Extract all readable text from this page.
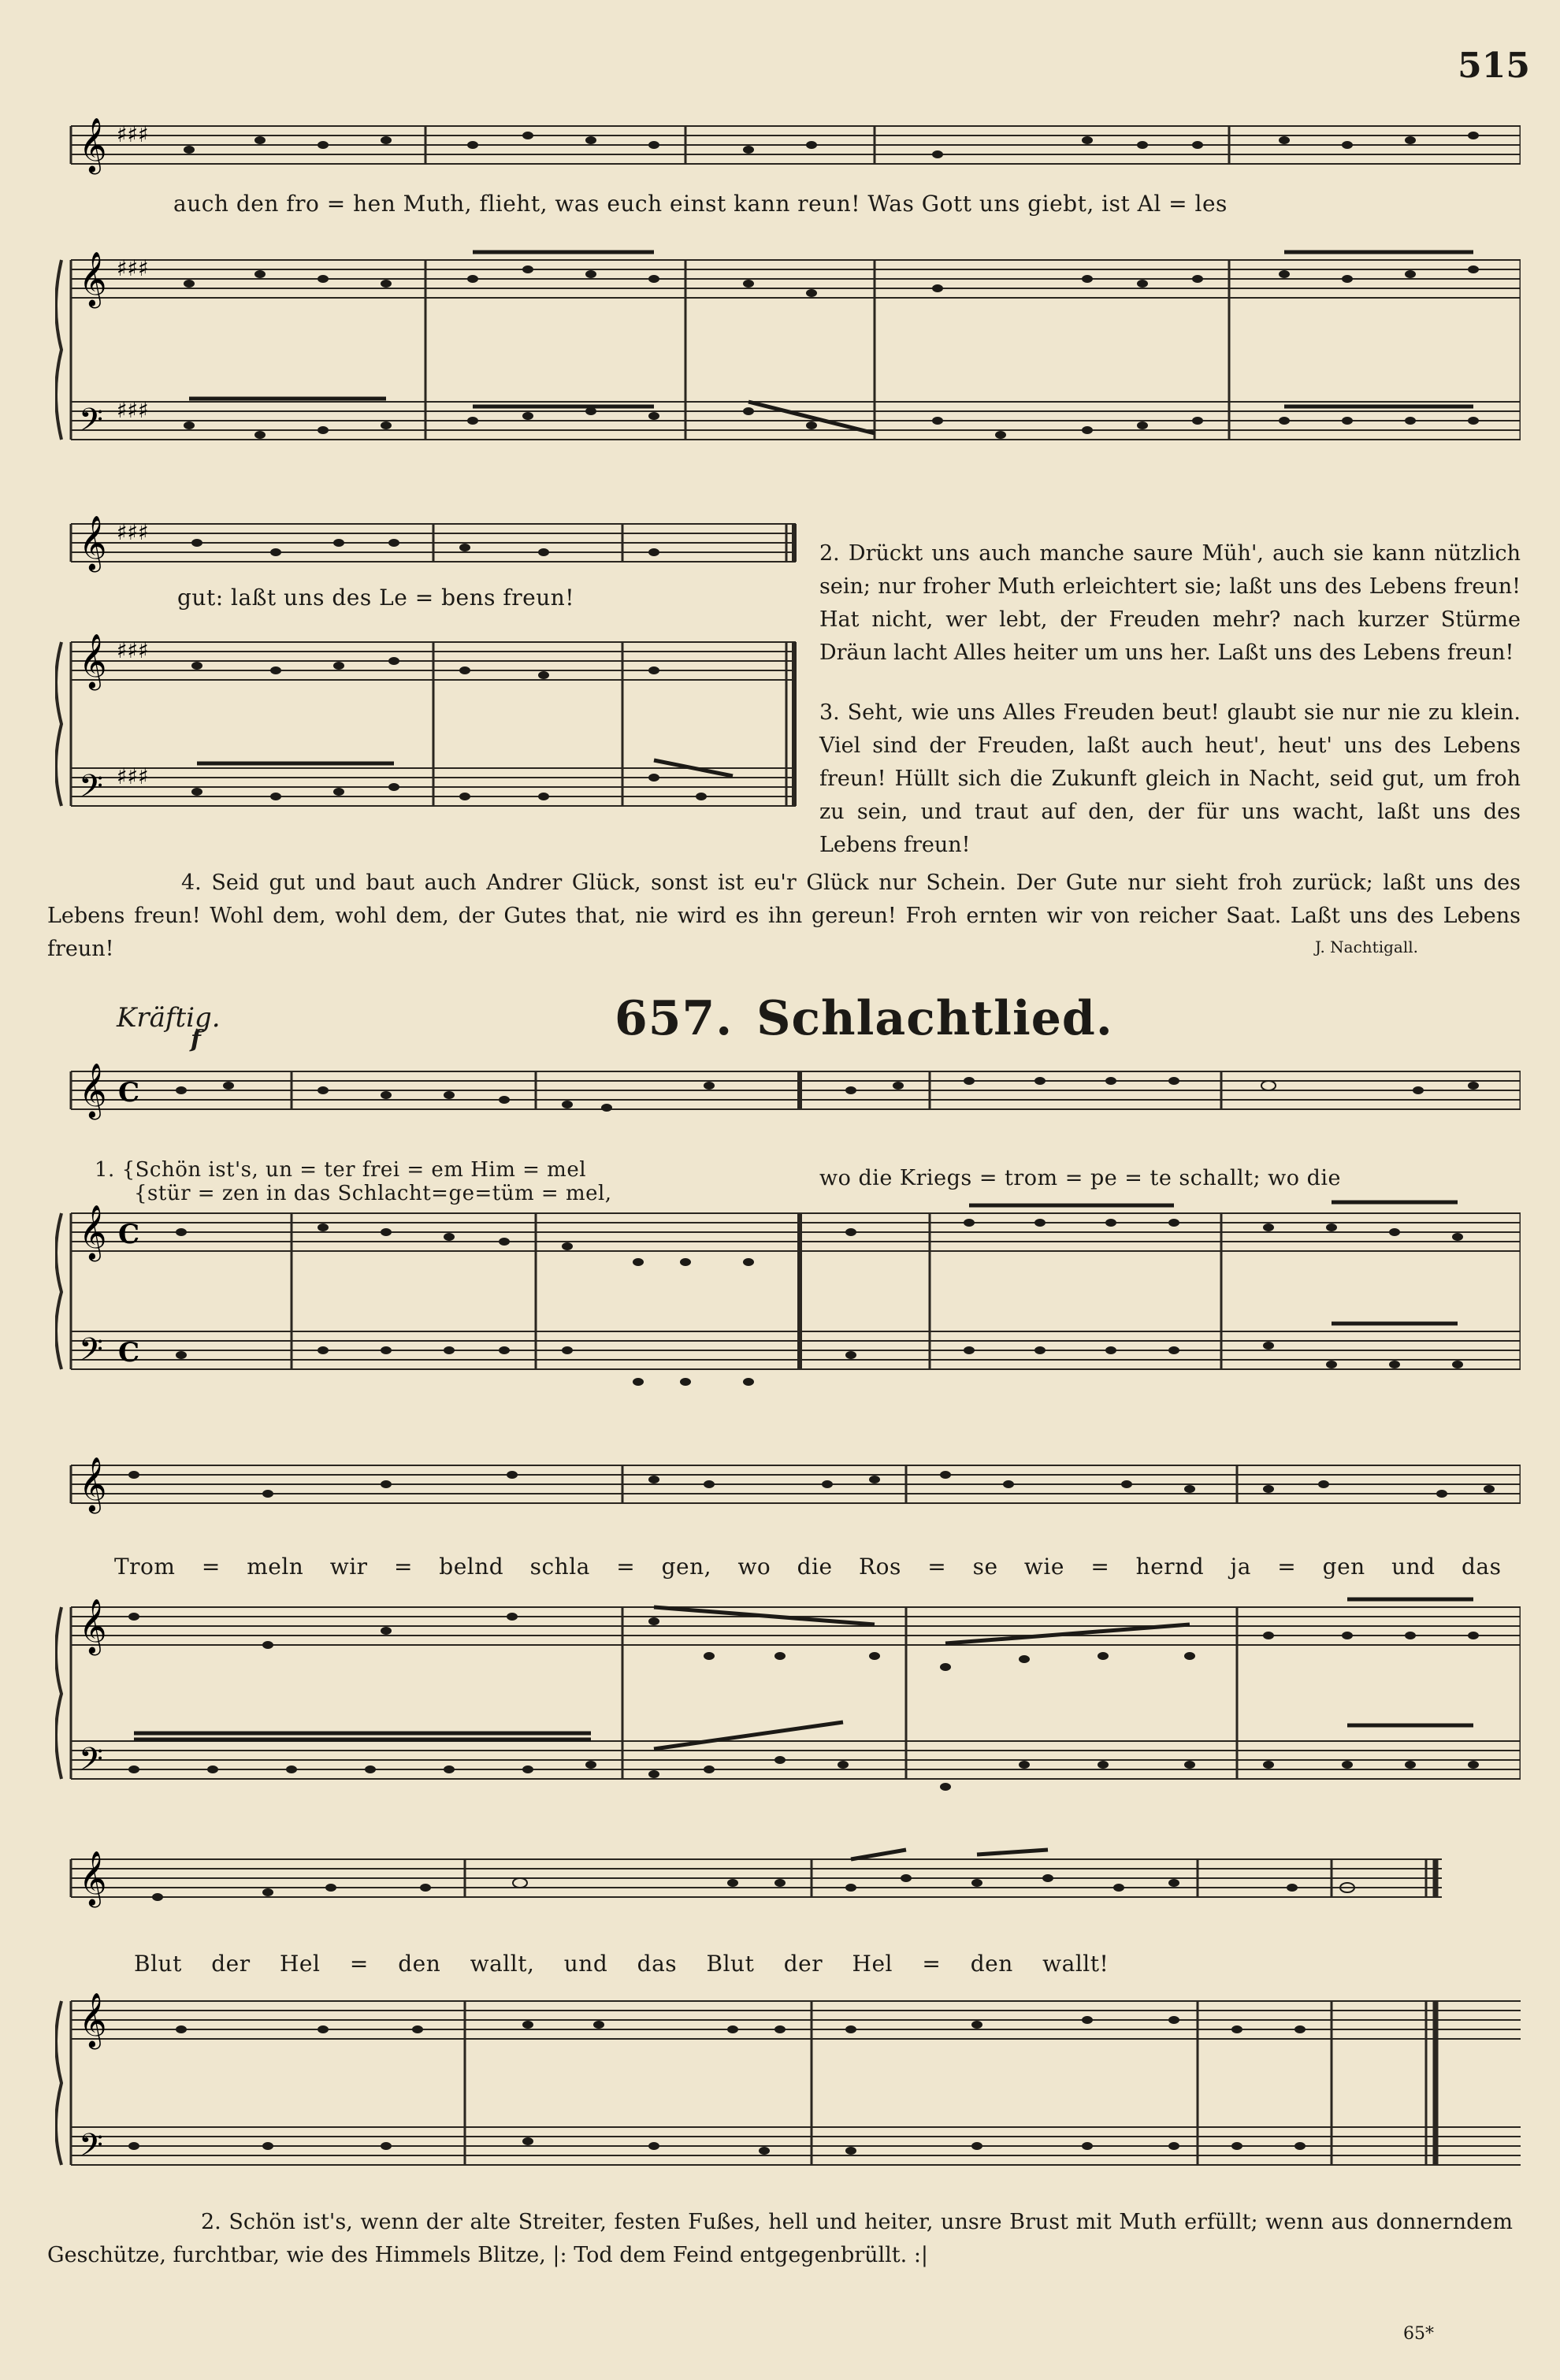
515
𝄞
𝄞
𝄢
♯♯♯
♯♯♯
♯♯♯
auch den fro = hen Muth, flieht, was euch einst kann reun! Was Gott uns giebt, ist Al = les
𝄞
𝄞
𝄢
♯♯♯
♯♯♯
♯♯♯
gut: laßt uns des Le = bens freun!
2. Drückt uns auch manche saure Müh', auch sie kann nützlich sein; nur froher Muth erleichtert sie; laßt uns des Lebens freun! Hat nicht, wer lebt, der Freuden mehr? nach kurzer Stürme Dräun lacht Alles heiter um uns her. Laßt uns des Lebens freun!
3. Seht, wie uns Alles Freuden beut! glaubt sie nur nie zu klein. Viel sind der Freuden, laßt auch heut', heut' uns des Lebens freun! Hüllt sich die Zukunft gleich in Nacht, seid gut, um froh zu sein, und traut auf den, der für uns wacht, laßt uns des Lebens freun!
4. Seid gut und baut auch Andrer Glück, sonst ist eu'r Glück nur Schein. Der Gute nur sieht froh zurück; laßt uns des Lebens freun! Wohl dem, wohl dem, der Gutes that, nie wird es ihn gereun! Froh ernten wir von reicher Saat. Laßt uns des Lebens freun!	J. Nachtigall.
Kräftig.	657. Schlachtlied.
f
𝄞
𝄞
𝄢
C
C
C
1. {Schön ist's, un = ter frei = em Him = mel
{stür = zen in das Schlacht=ge=tüm = mel,
wo die Kriegs = trom = pe = te schallt; wo die
𝄞
𝄞
𝄢
Trom = meln wir = belnd schla = gen, wo die Ros = se wie = hernd ja = gen und das
𝄞
𝄞
𝄢
Blut der Hel = den wallt, und das Blut der Hel = den wallt!
2. Schön ist's, wenn der alte Streiter, festen Fußes, hell und heiter, unsre Brust mit Muth erfüllt; wenn aus donnerndem Geschütze, furchtbar, wie des Himmels Blitze, |: Tod dem Feind entgegenbrüllt. :|
65*
